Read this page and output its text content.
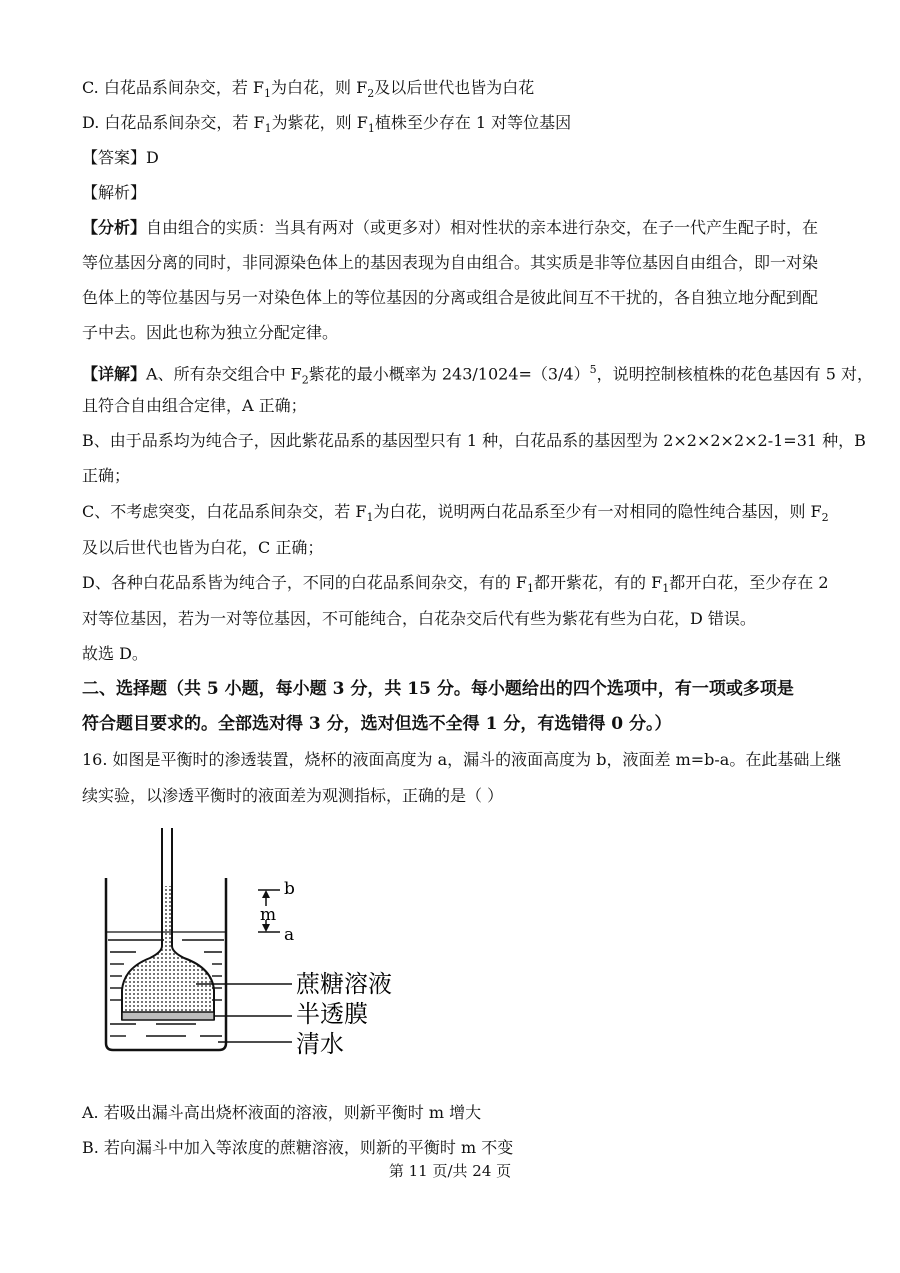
C. 白花品系间杂交，若 $F_1$为白花，则 $F_2$及以后世代也皆为白花
D. 白花品系间杂交，若 $F_1$为紫花，则 $F_1$植株至少存在 1 对等位基因
【答案】D
【解析】
【分析】自由组合的实质：当具有两对（或更多对）相对性状的亲本进行杂交，在子一代产生配子时，在
等位基因分离的同时，非同源染色体上的基因表现为自由组合。其实质是非等位基因自由组合，即一对染
色体上的等位基因与另一对染色体上的等位基因的分离或组合是彼此间互不干扰的，各自独立地分配到配
子中去。因此也称为独立分配定律。
【详解】A、所有杂交组合中 $F_2$紫花的最小概率为 $243/1024=(3/4)^5$，说明控制核植株的花色基因有 5 对，
且符合自由组合定律，A 正确；
B、由于品系均为纯合子，因此紫花品系的基因型只有 1 种，白花品系的基因型为 2×2×2×2×2-1=31 种，B
正确；
C、不考虑突变，白花品系间杂交，若 $F_1$为白花，说明两白花品系至少有一对相同的隐性纯合基因，则 $F_2$
及以后世代也皆为白花，C 正确；
D、各种白花品系皆为纯合子，不同的白花品系间杂交，有的 $F_1$都开紫花，有的 $F_1$都开白花，至少存在 2
对等位基因，若为一对等位基因，不可能纯合，白花杂交后代有些为紫花有些为白花，D 错误。
故选 D。
二、选择题（共 5 小题，每小题 3 分，共 15 分。每小题给出的四个选项中，有一项或多项是
符合题目要求的。全部选对得 3 分，选对但选不全得 1 分，有选错得 0 分。）
16. 如图是平衡时的渗透装置，烧杯的液面高度为 a，漏斗的液面高度为 b，液面差 m=b-a。在此基础上继
续实验，以渗透平衡时的液面差为观测指标，正确的是（ ）
m
b
a
蔗糖溶液
半透膜
清水
A. 若吸出漏斗高出烧杯液面的溶液，则新平衡时 m 增大
B. 若向漏斗中加入等浓度的蔗糖溶液，则新的平衡时 m 不变
第 11 页/共 24 页
